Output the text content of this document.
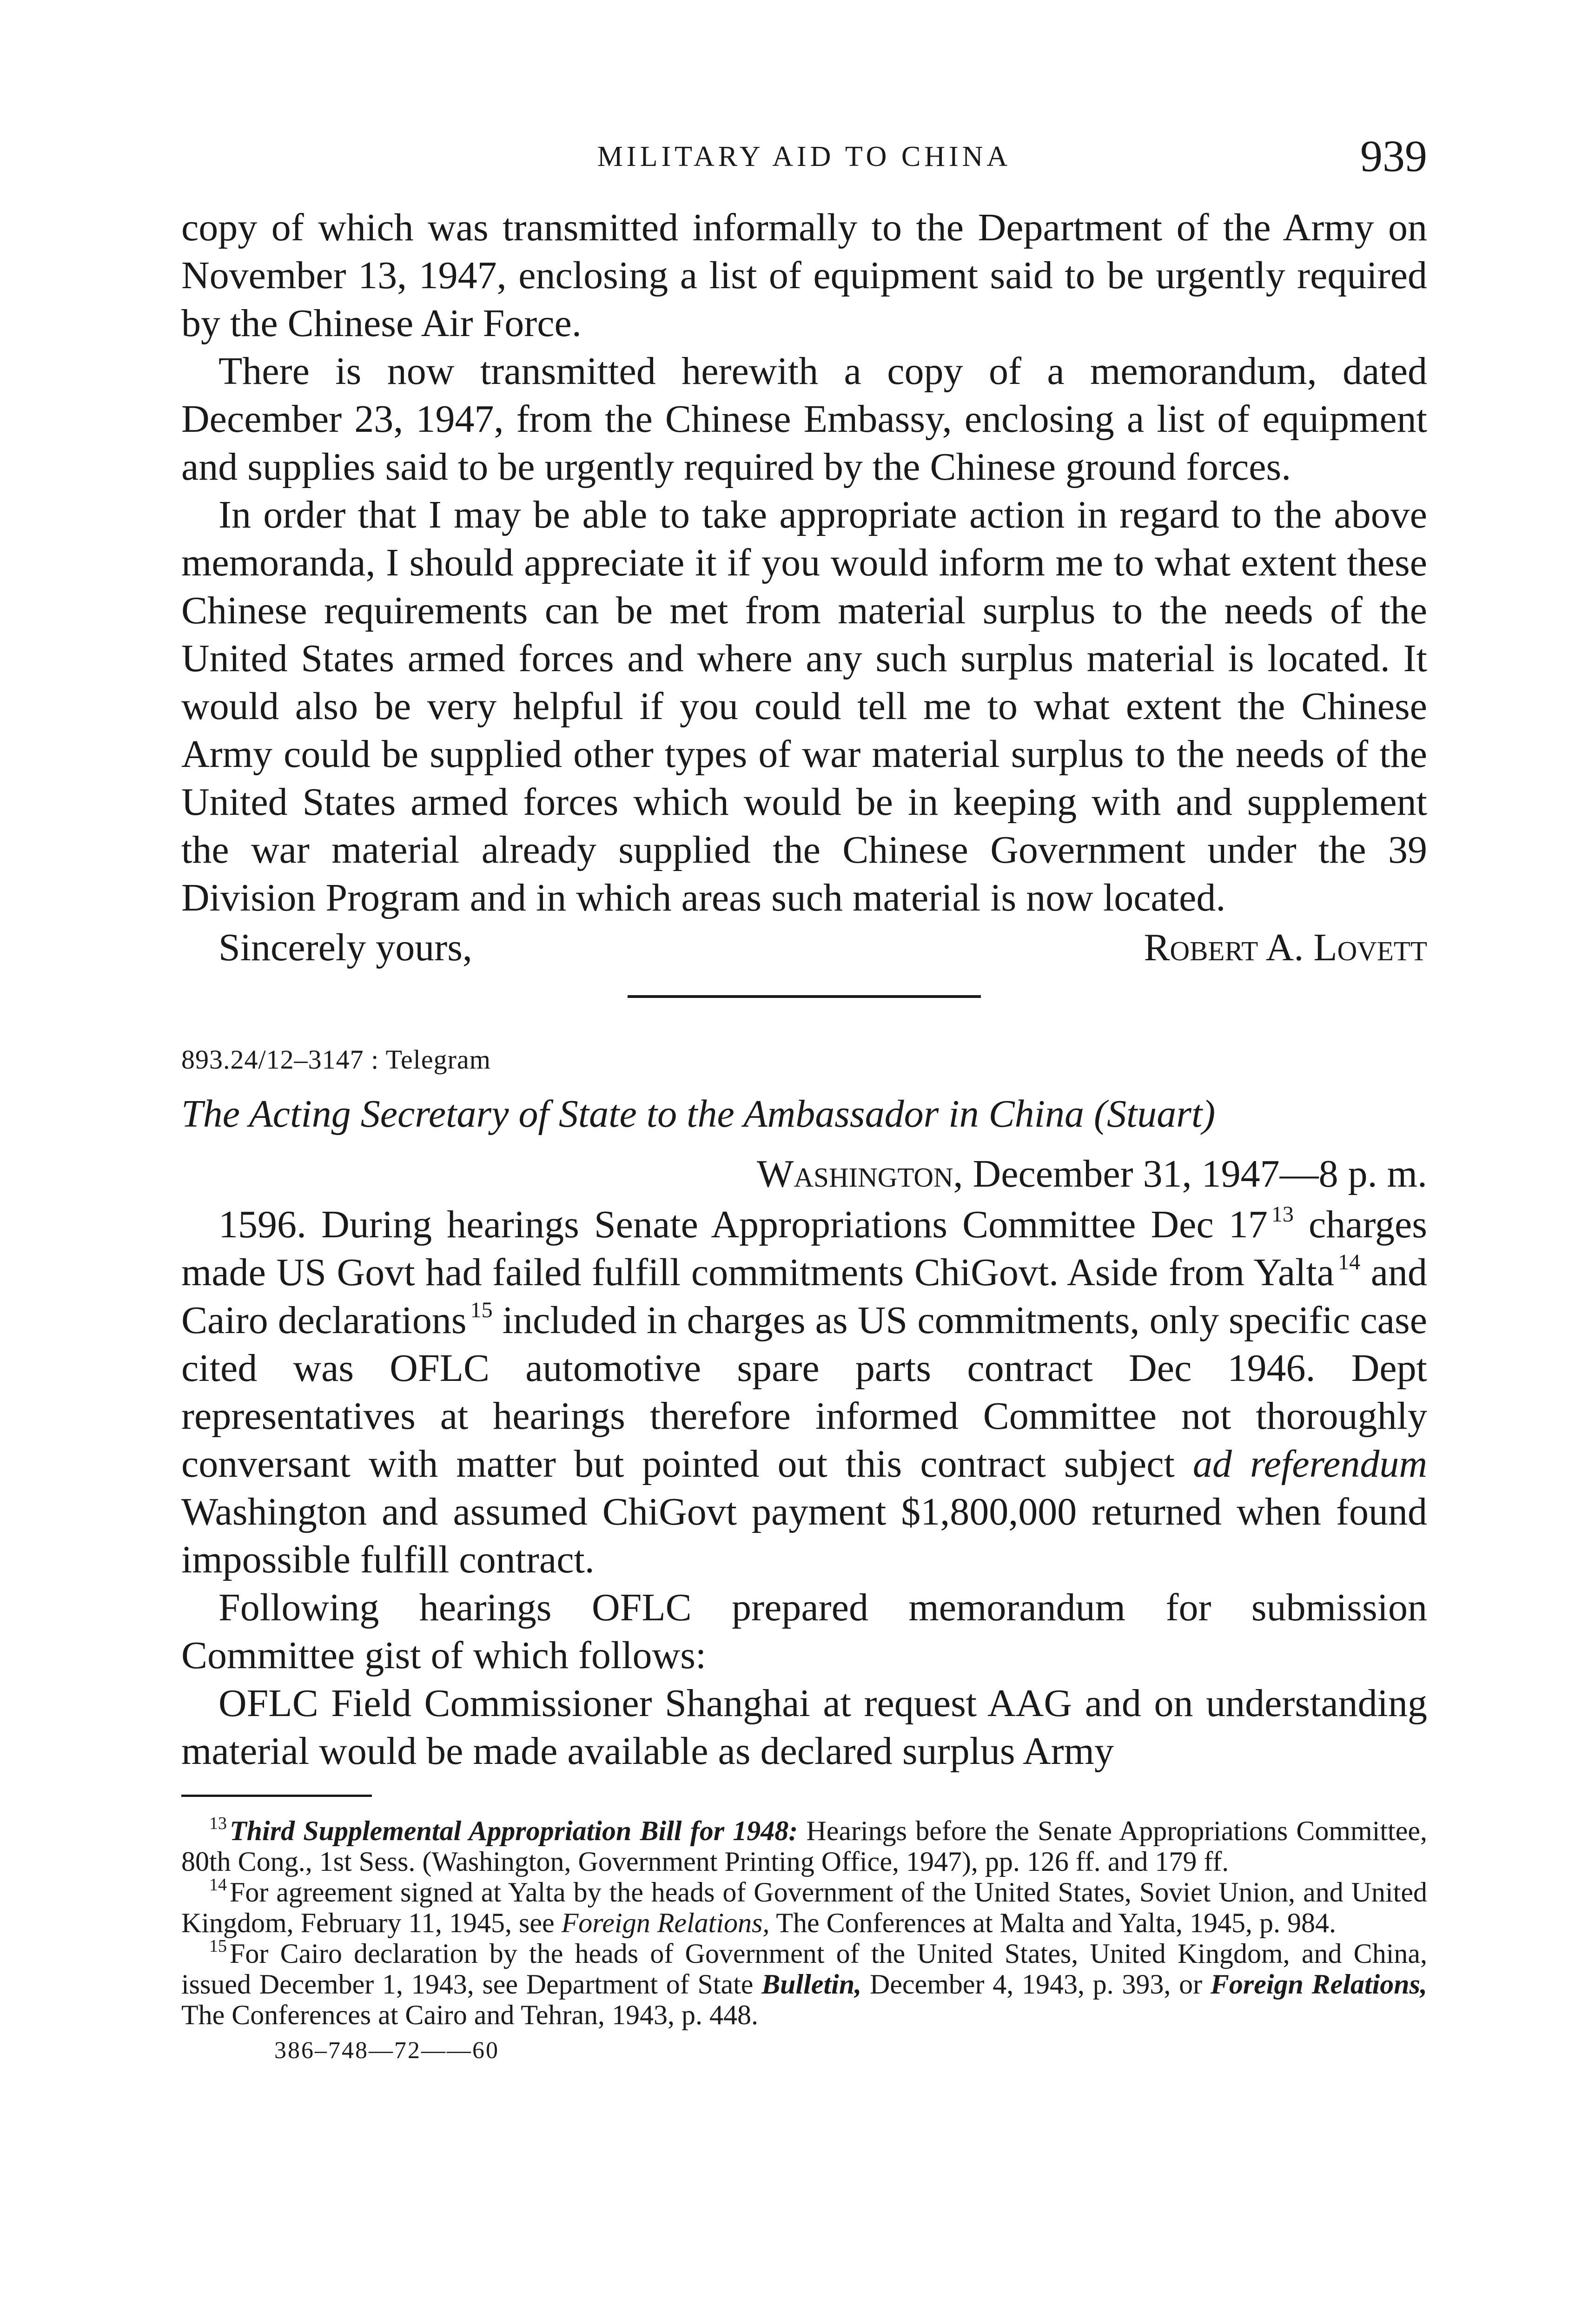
MILITARY AID TO CHINA	939

copy of which was transmitted informally to the Department of the Army on November 13, 1947, enclosing a list of equipment said to be urgently required by the Chinese Air Force.

There is now transmitted herewith a copy of a memorandum, dated December 23, 1947, from the Chinese Embassy, enclosing a list of equipment and supplies said to be urgently required by the Chinese ground forces.

In order that I may be able to take appropriate action in regard to the above memoranda, I should appreciate it if you would inform me to what extent these Chinese requirements can be met from material surplus to the needs of the United States armed forces and where any such surplus material is located. It would also be very helpful if you could tell me to what extent the Chinese Army could be supplied other types of war material surplus to the needs of the United States armed forces which would be in keeping with and supplement the war material already supplied the Chinese Government under the 39 Division Program and in which areas such material is now located.

Sincerely yours,	Robert A. Lovett
893.24/12–3147 : Telegram
The Acting Secretary of State to the Ambassador in China (Stuart)
Washington, December 31, 1947—8 p. m.

1596. During hearings Senate Appropriations Committee Dec 17 $^{13}$ charges made US Govt had failed fulfill commitments ChiGovt. Aside from Yalta $^{14}$ and Cairo declarations $^{15}$ included in charges as US commitments, only specific case cited was OFLC automotive spare parts contract Dec 1946. Dept representatives at hearings therefore informed Committee not thoroughly conversant with matter but pointed out this contract subject ad referendum Washington and assumed ChiGovt payment $1,800,000 returned when found impossible fulfill contract.

Following hearings OFLC prepared memorandum for submission Committee gist of which follows:

OFLC Field Commissioner Shanghai at request AAG and on understanding material would be made available as declared surplus Army

$^{13}$ Third Supplemental Appropriation Bill for 1948: Hearings before the Senate Appropriations Committee, 80th Cong., 1st Sess. (Washington, Government Printing Office, 1947), pp. 126 ff. and 179 ff.

$^{14}$ For agreement signed at Yalta by the heads of Government of the United States, Soviet Union, and United Kingdom, February 11, 1945, see Foreign Relations, The Conferences at Malta and Yalta, 1945, p. 984.

$^{15}$ For Cairo declaration by the heads of Government of the United States, United Kingdom, and China, issued December 1, 1943, see Department of State Bulletin, December 4, 1943, p. 393, or Foreign Relations, The Conferences at Cairo and Tehran, 1943, p. 448.

386–748—72——60
